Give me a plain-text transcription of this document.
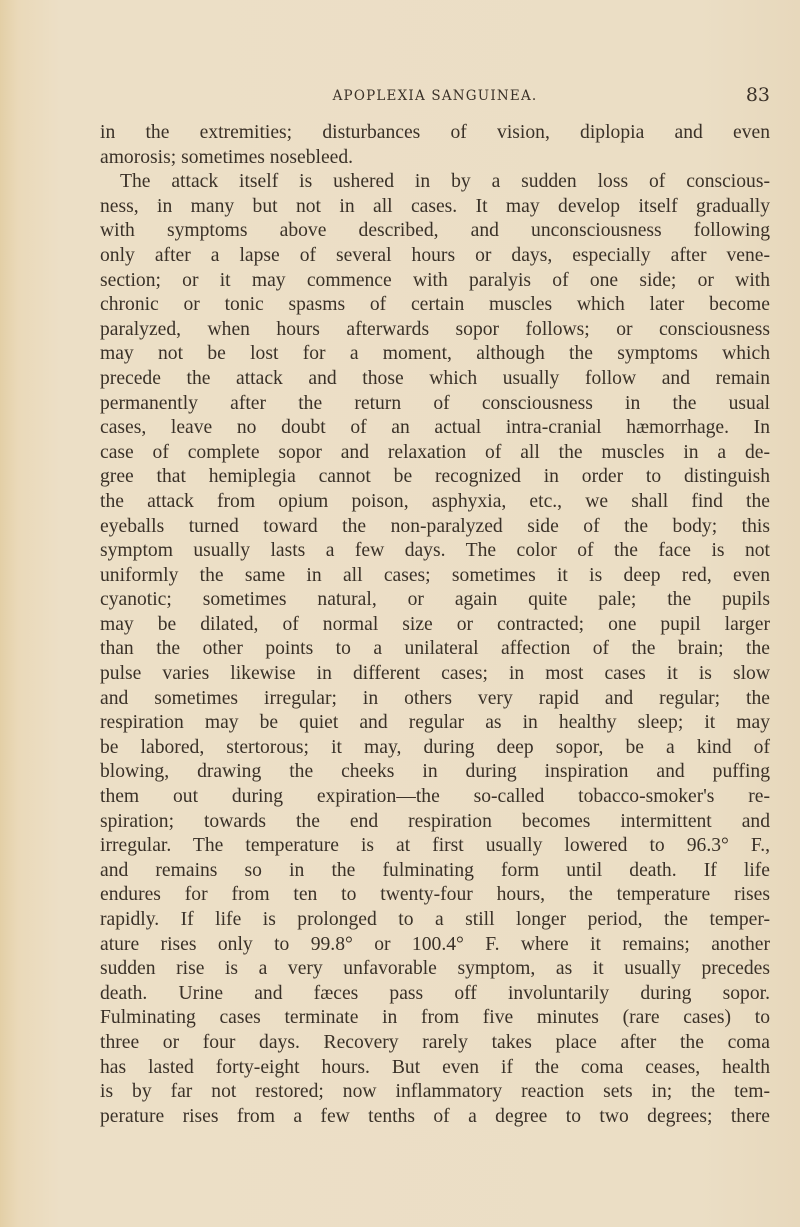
APOPLEXIA SANGUINEA.	83
in the extremities; disturbances of vision, diplopia and even
amorosis; sometimes nosebleed.
The attack itself is ushered in by a sudden loss of conscious-
ness, in many but not in all cases. It may develop itself gradually
with symptoms above described, and unconsciousness following
only after a lapse of several hours or days, especially after vene-
section; or it may commence with paralyis of one side; or with
chronic or tonic spasms of certain muscles which later become
paralyzed, when hours afterwards sopor follows; or consciousness
may not be lost for a moment, although the symptoms which
precede the attack and those which usually follow and remain
permanently after the return of consciousness in the usual
cases, leave no doubt of an actual intra-cranial hæmorrhage. In
case of complete sopor and relaxation of all the muscles in a de-
gree that hemiplegia cannot be recognized in order to distinguish
the attack from opium poison, asphyxia, etc., we shall find the
eyeballs turned toward the non-paralyzed side of the body; this
symptom usually lasts a few days. The color of the face is not
uniformly the same in all cases; sometimes it is deep red, even
cyanotic; sometimes natural, or again quite pale; the pupils
may be dilated, of normal size or contracted; one pupil larger
than the other points to a unilateral affection of the brain; the
pulse varies likewise in different cases; in most cases it is slow
and sometimes irregular; in others very rapid and regular; the
respiration may be quiet and regular as in healthy sleep; it may
be labored, stertorous; it may, during deep sopor, be a kind of
blowing, drawing the cheeks in during inspiration and puffing
them out during expiration—the so-called tobacco-smoker's re-
spiration; towards the end respiration becomes intermittent and
irregular. The temperature is at first usually lowered to 96.3° F.,
and remains so in the fulminating form until death. If life
endures for from ten to twenty-four hours, the temperature rises
rapidly. If life is prolonged to a still longer period, the temper-
ature rises only to 99.8° or 100.4° F. where it remains; another
sudden rise is a very unfavorable symptom, as it usually precedes
death. Urine and fæces pass off involuntarily during sopor.
Fulminating cases terminate in from five minutes (rare cases) to
three or four days. Recovery rarely takes place after the coma
has lasted forty-eight hours. But even if the coma ceases, health
is by far not restored; now inflammatory reaction sets in; the tem-
perature rises from a few tenths of a degree to two degrees; there
